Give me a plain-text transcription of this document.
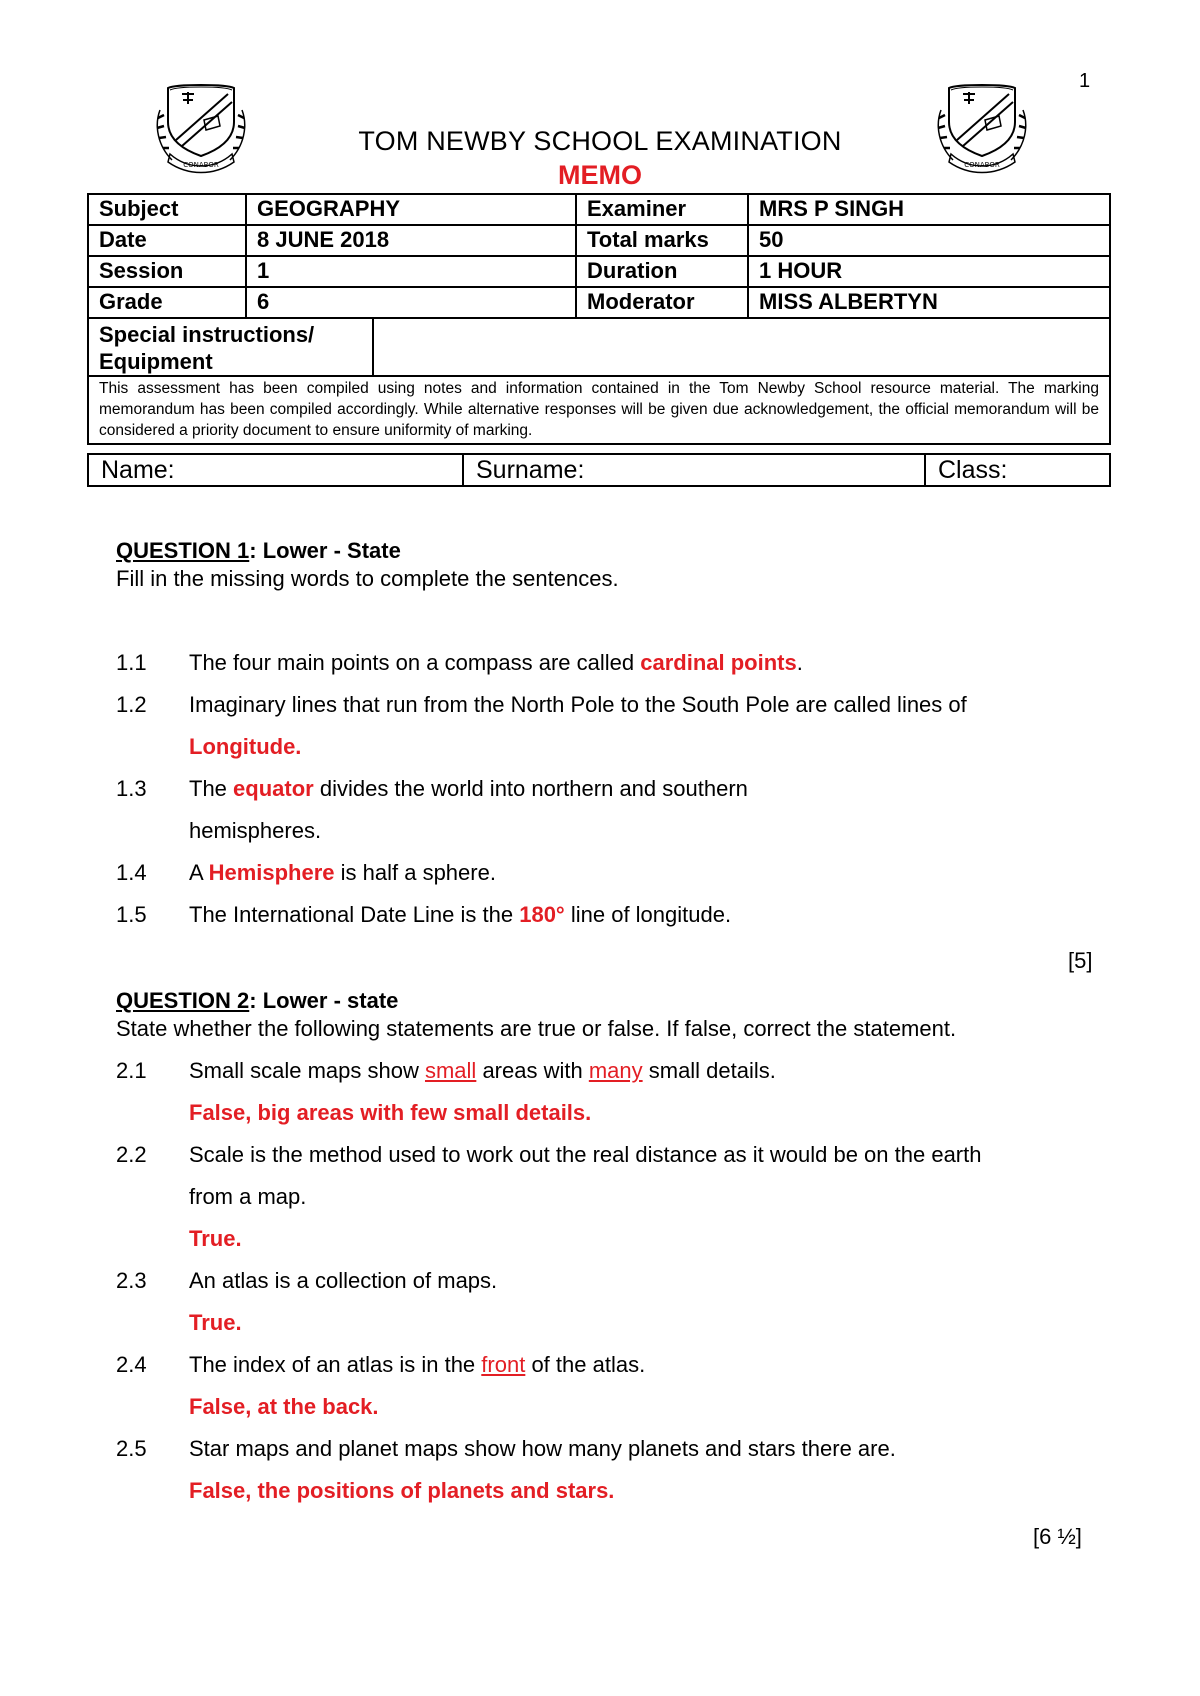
1
CONABOR	CONABOR
TOM NEWBY SCHOOL EXAMINATION
MEMO
Subject	GEOGRAPHY	Examiner	MRS P SINGH
Date	8 JUNE 2018	Total marks	50
Session	1	Duration	1 HOUR
Grade	6	Moderator	MISS ALBERTYN
Special instructions/
Equipment
This assessment has been compiled using notes and information contained in the Tom Newby School resource material. The marking memorandum has been compiled accordingly. While alternative responses will be given due acknowledgement, the official memorandum will be considered a priority document to ensure uniformity of marking.
Name:	Surname:	Class:
QUESTION 1: Lower - State
Fill in the missing words to complete the sentences.
1.1 The four main points on a compass are called cardinal points.
1.2 Imaginary lines that run from the North Pole to the South Pole are called lines of
Longitude.
1.3 The equator divides the world into northern and southern
hemispheres.
1.4 A Hemisphere is half a sphere.
1.5 The International Date Line is the 180° line of longitude.
[5]
QUESTION 2: Lower - state
State whether the following statements are true or false. If false, correct the statement.
2.1 Small scale maps show small areas with many small details.
False, big areas with few small details.
2.2 Scale is the method used to work out the real distance as it would be on the earth
from a map.
True.
2.3 An atlas is a collection of maps.
True.
2.4 The index of an atlas is in the front of the atlas.
False, at the back.
2.5 Star maps and planet maps show how many planets and stars there are.
False, the positions of planets and stars.
[6 ½]
